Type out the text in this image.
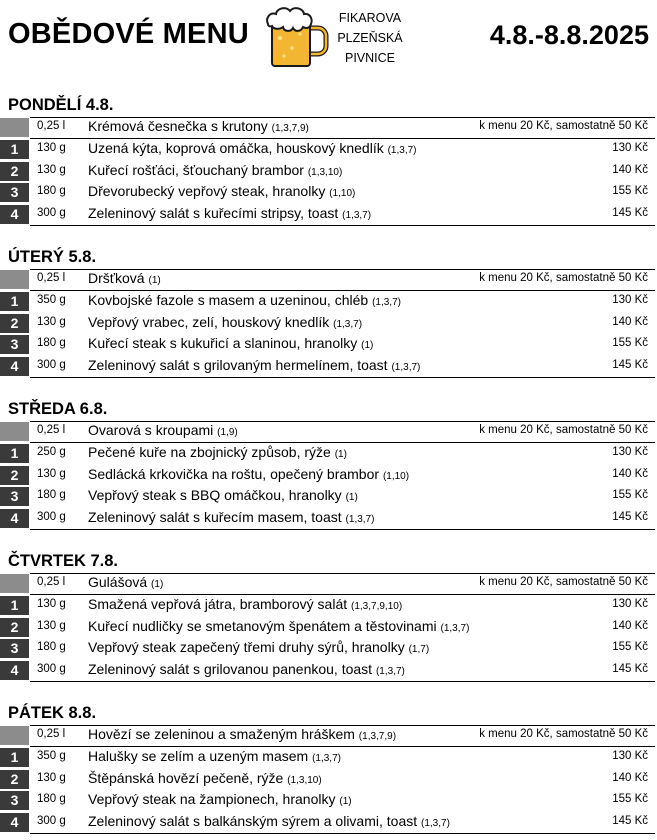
OBĚDOVÉ MENU	FIKAROVA
PLZEŇSKÁ
PIVNICE
4.8.-8.8.2025
PONDĚLÍ 4.8.
0,25 l Krémová česnečka s krutony (1,3,7,9)	k menu 20 Kč, samostatně 50 Kč
1	130 g Uzená kýta, koprová omáčka, houskový knedlík (1,3,7)	130 Kč
2	130 g Kuřecí rošťáci, šťouchaný brambor (1,3,10)	140 Kč
3	180 g Dřevorubecký vepřový steak, hranolky (1,10)	155 Kč
4	300 g Zeleninový salát s kuřecími stripsy, toast (1,3,7)	145 Kč
ÚTERÝ 5.8.
0,25 l Dršťková (1)	k menu 20 Kč, samostatně 50 Kč
1	350 g Kovbojské fazole s masem a uzeninou, chléb (1,3,7)	130 Kč
2	130 g Vepřový vrabec, zelí, houskový knedlík (1,3,7)	140 Kč
3	180 g Kuřecí steak s kukuřicí a slaninou, hranolky (1)	155 Kč
4	300 g Zeleninový salát s grilovaným hermelínem, toast (1,3,7)	145 Kč
STŘEDA 6.8.
0,25 l Ovarová s kroupami (1,9)	k menu 20 Kč, samostatně 50 Kč
1	250 g Pečené kuře na zbojnický způsob, rýže (1)	130 Kč
2	130 g Sedlácká krkovička na roštu, opečený brambor (1,10)	140 Kč
3	180 g Vepřový steak s BBQ omáčkou, hranolky (1)	155 Kč
4	300 g Zeleninový salát s kuřecím masem, toast (1,3,7)	145 Kč
ČTVRTEK 7.8.
0,25 l Gulášová (1)	k menu 20 Kč, samostatně 50 Kč
1	130 g Smažená vepřová játra, bramborový salát (1,3,7,9,10)	130 Kč
2	130 g Kuřecí nudličky se smetanovým špenátem a těstovinami (1,3,7)	140 Kč
3	180 g Vepřový steak zapečený třemi druhy sýrů, hranolky (1,7)	155 Kč
4	300 g Zeleninový salát s grilovanou panenkou, toast (1,3,7)	145 Kč
PÁTEK 8.8.
0,25 l Hovězí se zeleninou a smaženým hráškem (1,3,7,9)	k menu 20 Kč, samostatně 50 Kč
1	350 g Halušky se zelím a uzeným masem (1,3,7)	130 Kč
2	130 g Štěpánská hovězí pečeně, rýže (1,3,10)	140 Kč
3	180 g Vepřový steak na žampionech, hranolky (1)	155 Kč
4	300 g Zeleninový salát s balkánským sýrem a olivami, toast (1,3,7)	145 Kč
